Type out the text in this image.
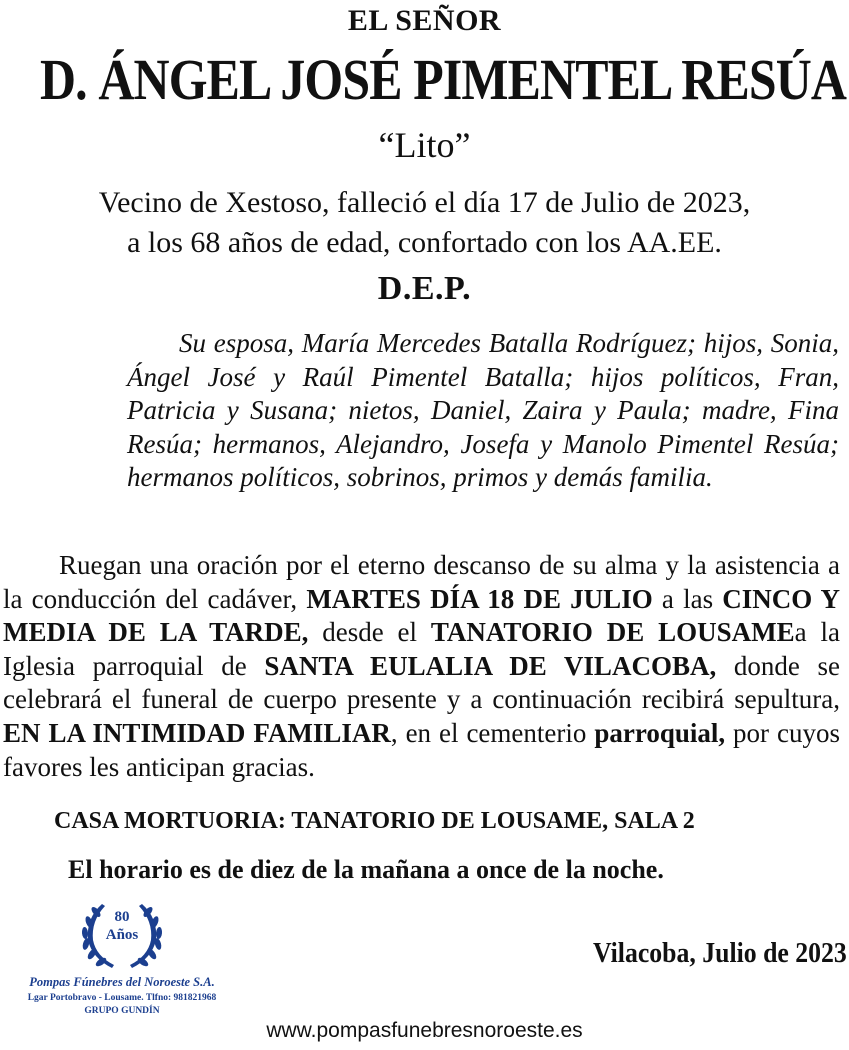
EL SEÑOR
D. ÁNGEL JOSÉ PIMENTEL RESÚA
“Lito”
Vecino de Xestoso, falleció el día 17 de Julio de 2023,
a los 68 años de edad, confortado con los AA.EE.
D.E.P.
Su esposa, María Mercedes Batalla Rodríguez; hijos, Sonia, Ángel José y Raúl Pimentel Batalla; hijos políticos, Fran, Patricia y Susana; nietos, Daniel, Zaira y Paula; madre, Fina Resúa; hermanos, Alejandro, Josefa y Manolo Pimentel Resúa; hermanos políticos, sobrinos, primos y demás familia.
Ruegan una oración por el eterno descanso de su alma y la asistencia a la conducción del cadáver, MARTES DÍA 18 DE JULIO a las CINCO Y MEDIA DE LA TARDE, desde el TANATORIO DE LOUSAMEa la Iglesia parroquial de SANTA EULALIA DE VILACOBA, donde se celebrará el funeral de cuerpo presente y a continuación recibirá sepultura, EN LA INTIMIDAD FAMILIAR, en el cementerio parroquial, por cuyos favores les anticipan gracias.
CASA MORTUORIA: TANATORIO DE LOUSAME, SALA 2
El horario es de diez de la mañana a once de la noche.
80
Años
Pompas Fúnebres del Noroeste S.A.
Lgar Portobravo - Lousame. Tlfno: 981821968
GRUPO GUNDÍN
Vilacoba, Julio de 2023
www.pompasfunebresnoroeste.es
